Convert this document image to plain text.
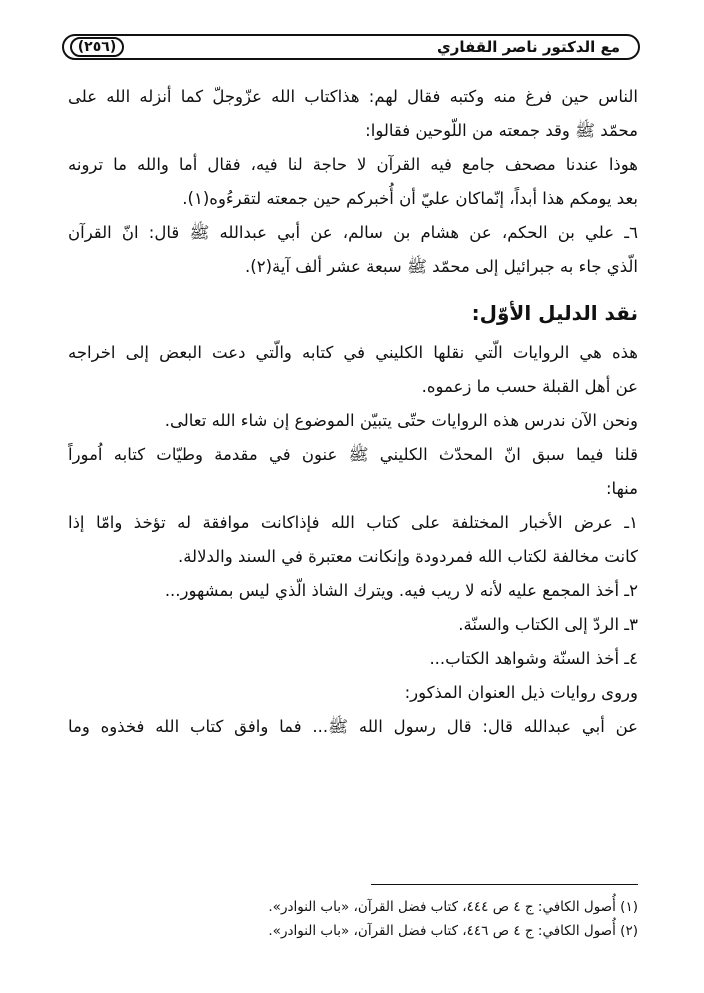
مع الدكتور ناصر القفاري
(٢٥٦)
الناس حين فرغ منه وكتبه فقال لهم: هذاكتاب الله عزّوجلّ كما أنزله الله على
محمّد ﷺ وقد جمعته من اللّوحين فقالوا:
هوذا عندنا مصحف جامع فيه القرآن لا حاجة لنا فيه، فقال أما والله ما ترونه
بعد يومكم هذا أبداً، إنّماكان عليّ أن أُخبركم حين جمعته لتقرءُوه(١).
٦ـ علي بن الحكم، عن هشام بن سالم، عن أبي عبدالله ﷺ قال: انّ القرآن
الّذي جاء به جبرائيل إلى محمّد ﷺ سبعة عشر ألف آية(٢).
نقد الدليل الأوّل:
هذه هي الروايات الّتي نقلها الكليني في كتابه والّتي دعت البعض إلى اخراجه
عن أهل القبلة حسب ما زعموه.
ونحن الآن ندرس هذه الروايات حتّى يتبيّن الموضوع إن شاء الله تعالى.
قلنا فيما سبق انّ المحدّث الكليني ﷺ عنون في مقدمة وطيّات كتابه اُموراً
منها:
١ـ عرض الأخبار المختلفة على كتاب الله فإذاكانت موافقة له تؤخذ وامّا إذا
كانت مخالفة لكتاب الله فمردودة وإنكانت معتبرة في السند والدلالة.
٢ـ أخذ المجمع عليه لأنه لا ريب فيه. ويترك الشاذ الّذي ليس بمشهور...
٣ـ الردّ إلى الكتاب والسنّة.
٤ـ أخذ السنّة وشواهد الكتاب...
وروى روايات ذيل العنوان المذكور:
عن أبي عبدالله قال: قال رسول الله ﷺ... فما وافق كتاب الله فخذوه وما
(١) أُصول الكافي: ج ٤ ص ٤٤٤، كتاب فضل القرآن، «باب النوادر».
(٢) أُصول الكافي: ج ٤ ص ٤٤٦، كتاب فضل القرآن، «باب النوادر».
